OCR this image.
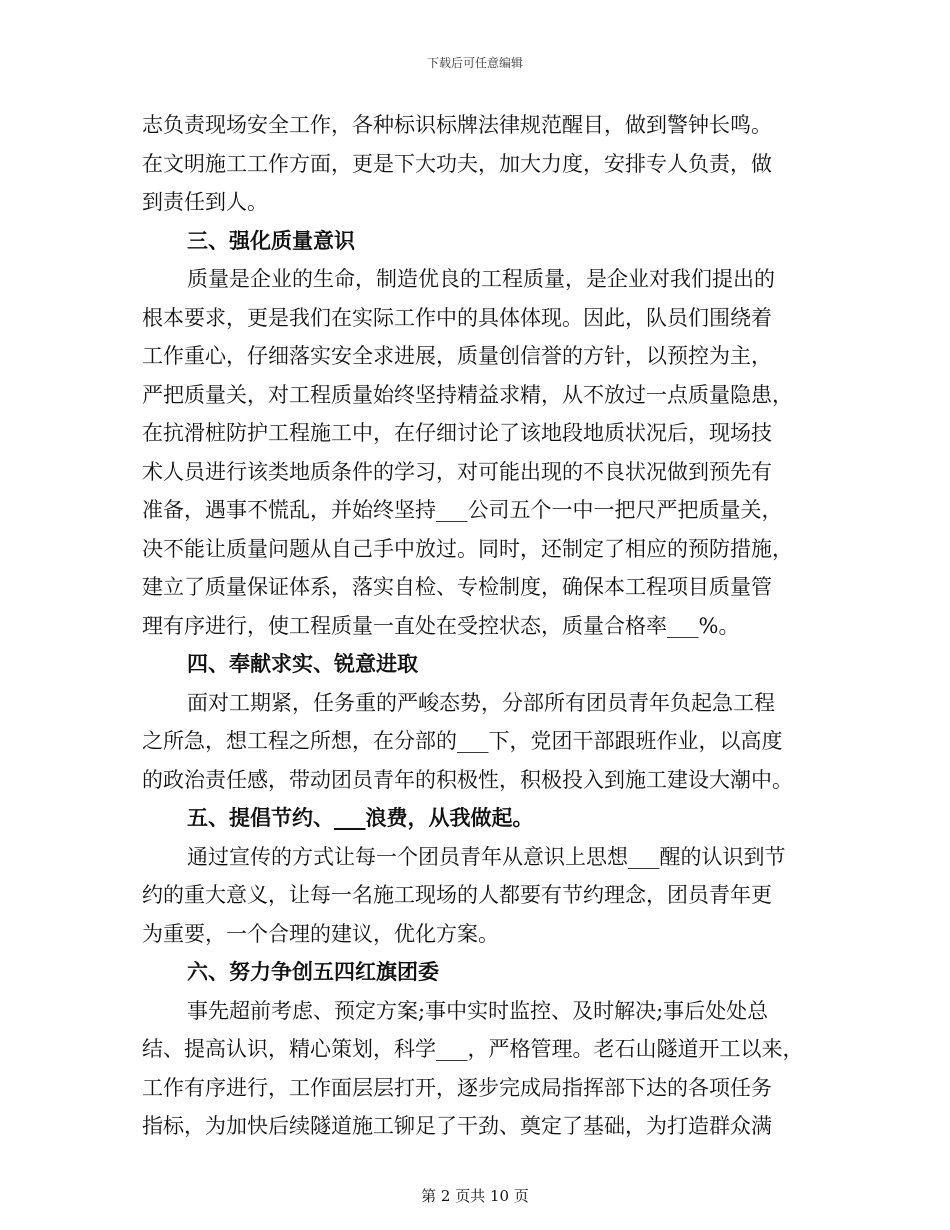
下载后可任意编辑
志负责现场安全工作，各种标识标牌法律规范醒目，做到警钟长鸣。
在文明施工工作方面，更是下大功夫，加大力度，安排专人负责，做
到责任到人。
三、强化质量意识
质量是企业的生命，制造优良的工程质量，是企业对我们提出的
根本要求，更是我们在实际工作中的具体体现。因此，队员们围绕着
工作重心，仔细落实安全求进展，质量创信誉的方针，以预控为主，
严把质量关，对工程质量始终坚持精益求精，从不放过一点质量隐患，
在抗滑桩防护工程施工中，在仔细讨论了该地段地质状况后，现场技
术人员进行该类地质条件的学习，对可能出现的不良状况做到预先有
准备，遇事不慌乱，并始终坚持___公司五个一中一把尺严把质量关，
决不能让质量问题从自己手中放过。同时，还制定了相应的预防措施，
建立了质量保证体系，落实自检、专检制度，确保本工程项目质量管
理有序进行，使工程质量一直处在受控状态，质量合格率___%。
四、奉献求实、锐意进取
面对工期紧，任务重的严峻态势，分部所有团员青年负起急工程
之所急，想工程之所想，在分部的___下，党团干部跟班作业，以高度
的政治责任感，带动团员青年的积极性，积极投入到施工建设大潮中。
五、提倡节约、___浪费，从我做起。
通过宣传的方式让每一个团员青年从意识上思想___醒的认识到节
约的重大意义，让每一名施工现场的人都要有节约理念，团员青年更
为重要，一个合理的建议，优化方案。
六、努力争创五四红旗团委
事先超前考虑、预定方案;事中实时监控、及时解决;事后处处总
结、提高认识，精心策划，科学___，严格管理。老石山隧道开工以来，
工作有序进行，工作面层层打开，逐步完成局指挥部下达的各项任务
指标，为加快后续隧道施工铆足了干劲、奠定了基础，为打造群众满
第 2 页共 10 页
